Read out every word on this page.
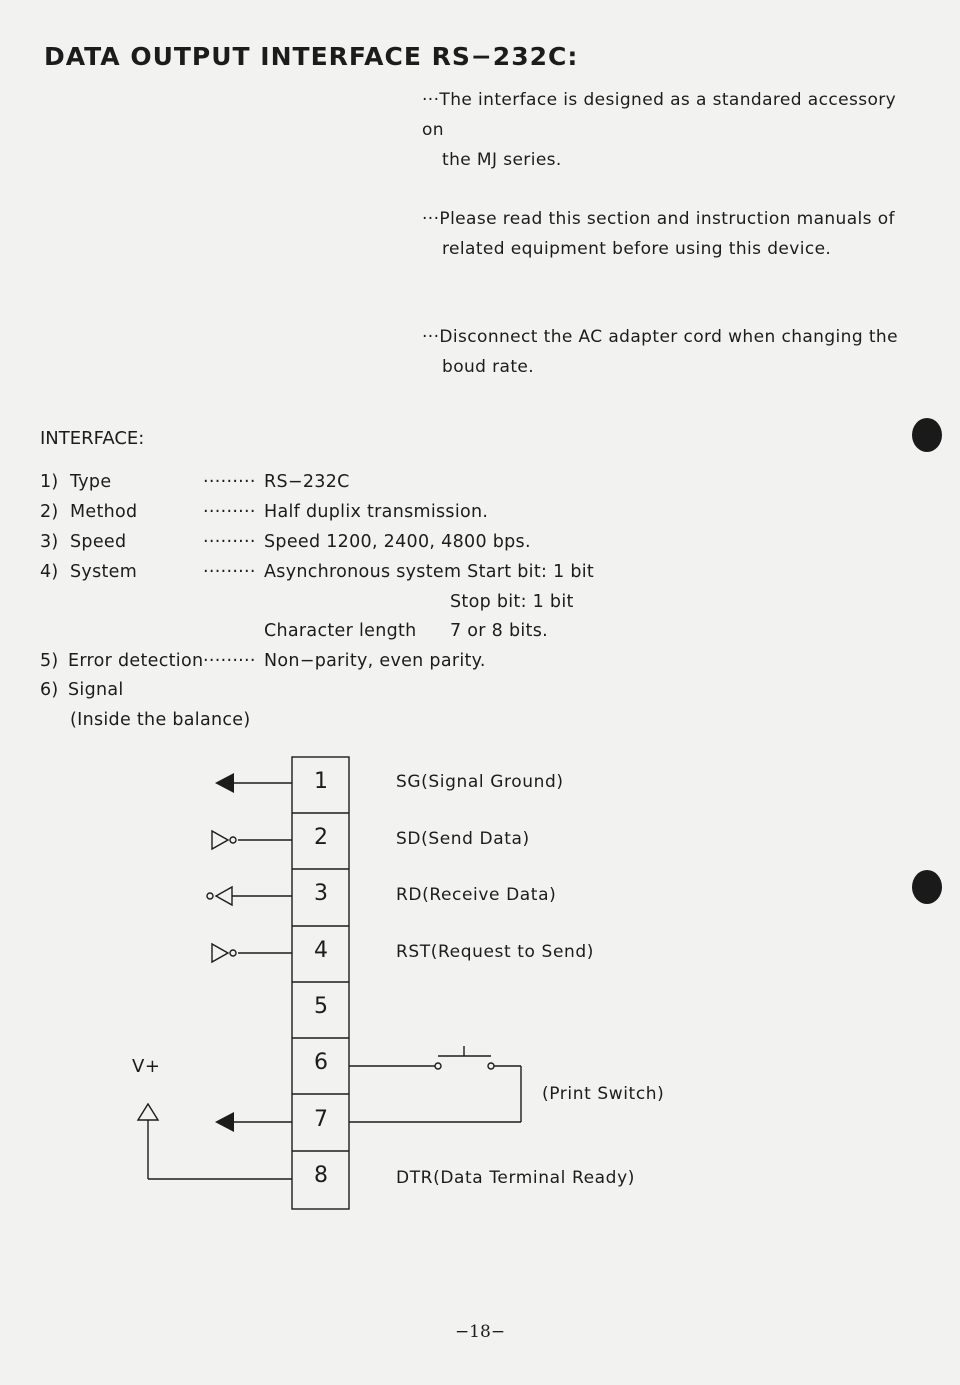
DATA OUTPUT INTERFACE RS−232C:

···The interface is designed as a standared accessory on

the MJ series.

···Please read this section and instruction manuals of

related equipment before using this device.

···Disconnect the AC adapter cord when changing the

boud rate.

INTERFACE:
1) Type	········· RS−232C
2) Method	········· Half duplix transmission.
3) Speed	········· Speed 1200, 2400, 4800 bps.
4) System	········· Asynchronous system Start bit: 1 bit
Stop bit: 1 bit
Character length 7 or 8 bits.
5) Error detection ········· Non−parity, even parity.
6) Signal
(Inside the balance)
1
2
3
4
5
6
7
8
SG(Signal Ground)
SD(Send Data)
RD(Receive Data)
RST(Request to Send)
DTR(Data Terminal Ready)
V+
(Print Switch)
−18−
